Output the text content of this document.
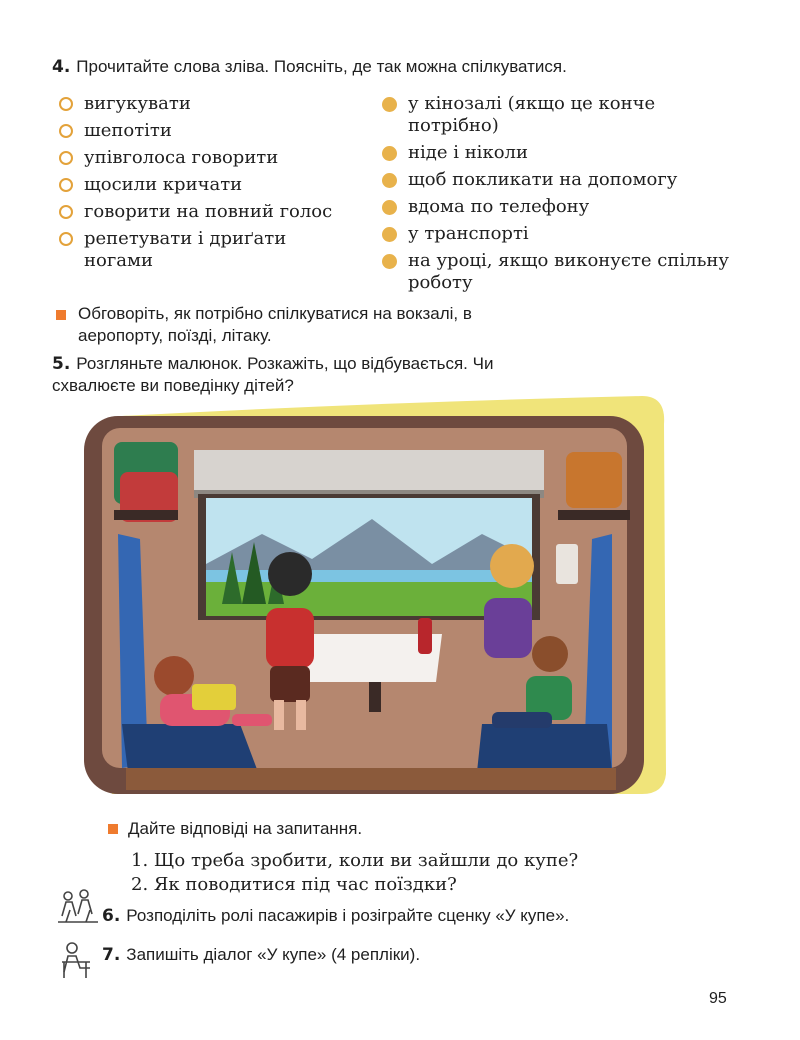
4. Прочитайте слова зліва. Поясніть, де так можна спілкуватися.
вигукувати
шепотіти
упівголоса говорити
щосили кричати
говорити на повний голос
репетувати і дриґати ногами
у кінозалі (якщо це конче потрібно)
ніде і ніколи
щоб покликати на допомогу
вдома по телефону
у транспорті
на уроці, якщо виконуєте спільну роботу
Обговоріть, як потрібно спілкуватися на вокзалі, в аеропорту, поїзді, літаку.
5. Розгляньте малюнок. Розкажіть, що відбувається. Чи схвалюєте ви поведінку дітей?
Дайте відповіді на запитання.
1. Що треба зробити, коли ви зайшли до купе?
2. Як поводитися під час поїздки?
6. Розподіліть ролі пасажирів і розіграйте сценку «У купе».
7. Запишіть діалог «У купе» (4 репліки).
95
